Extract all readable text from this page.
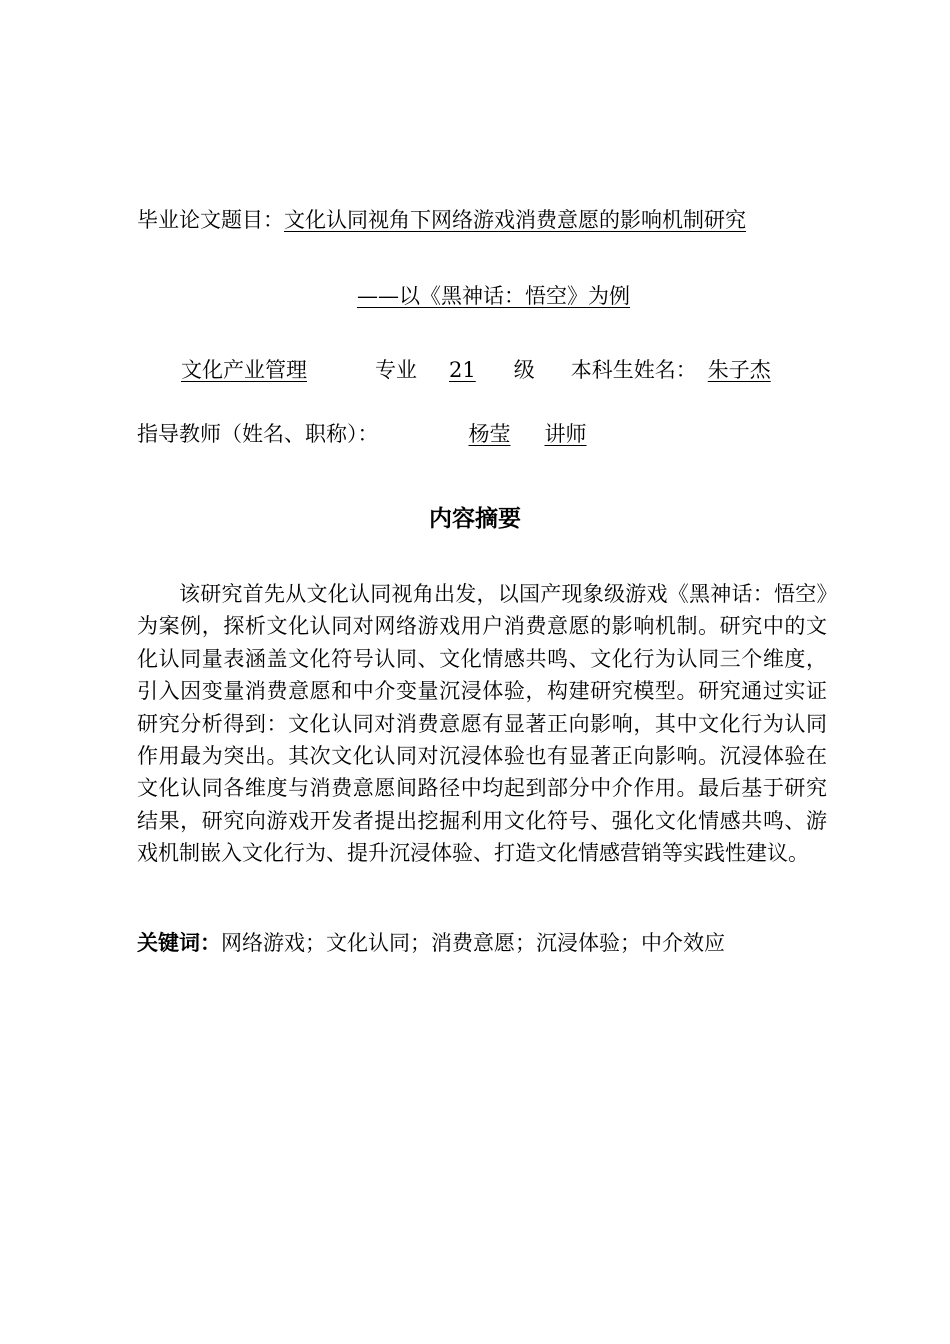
毕业论文题目：文化认同视角下网络游戏消费意愿的影响机制研究
——以《黑神话：悟空》为例
文化产业管理	专业 21 级 本科生姓名： 朱子杰
指导教师（姓名、职称）：	杨莹 讲师
内容摘要

该研究首先从文化认同视角出发，以国产现象级游戏《黑神话：悟空》为案例，探析文化认同对网络游戏用户消费意愿的影响机制。研究中的文化认同量表涵盖文化符号认同、文化情感共鸣、文化行为认同三个维度，引入因变量消费意愿和中介变量沉浸体验，构建研究模型。研究通过实证研究分析得到：文化认同对消费意愿有显著正向影响，其中文化行为认同作用最为突出。其次文化认同对沉浸体验也有显著正向影响。沉浸体验在文化认同各维度与消费意愿间路径中均起到部分中介作用。最后基于研究结果，研究向游戏开发者提出挖掘利用文化符号、强化文化情感共鸣、游戏机制嵌入文化行为、提升沉浸体验、打造文化情感营销等实践性建议。

关键词：网络游戏；文化认同；消费意愿；沉浸体验；中介效应
